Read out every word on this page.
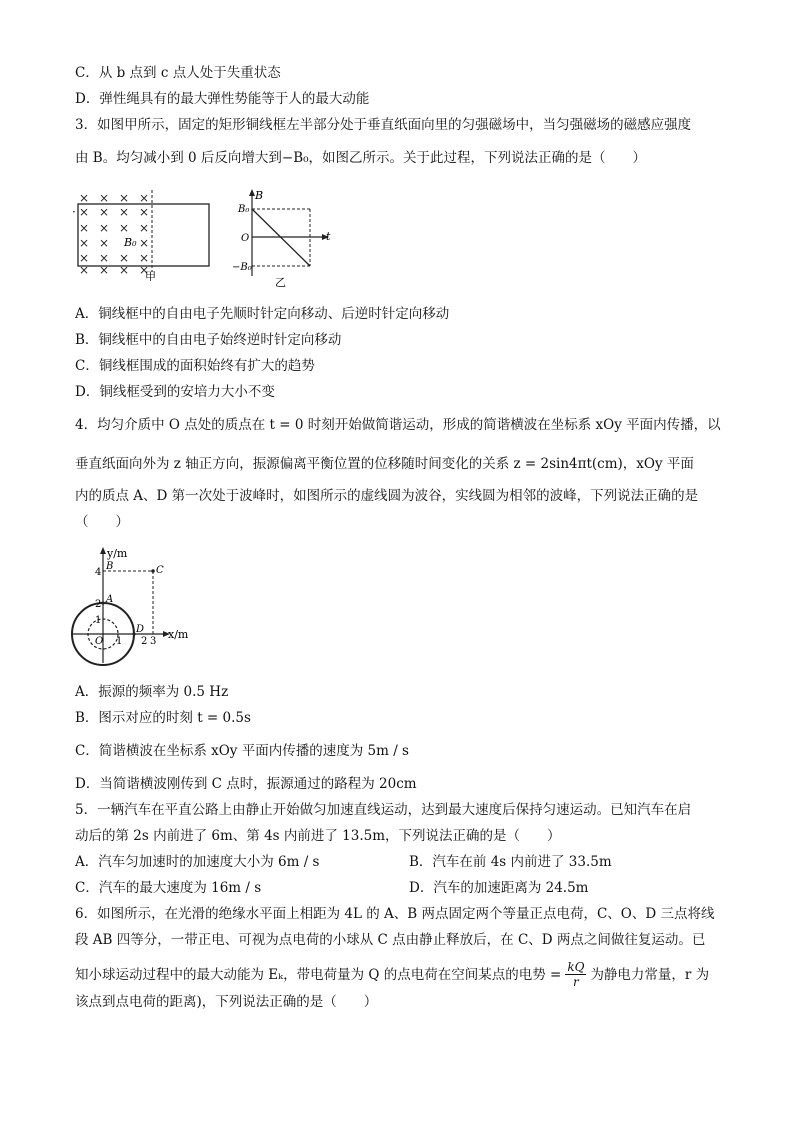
C．从 b 点到 c 点人处于失重状态
D．弹性绳具有的最大弹性势能等于人的最大动能
3．如图甲所示，固定的矩形铜线框左半部分处于垂直纸面向里的匀强磁场中，当匀强磁场的磁感应强度
由 B。均匀减小到 0 后反向增大到−B₀，如图乙所示。关于此过程，下列说法正确的是（　　）
× × × ×
· × × × ×
× × × ×
× × ×
× × × ×
× × × ×
B₀
甲
B
t
B₀
O
−B₀
乙
A．铜线框中的自由电子先顺时针定向移动、后逆时针定向移动
B．铜线框中的自由电子始终逆时针定向移动
C．铜线框围成的面积始终有扩大的趋势
D．铜线框受到的安培力大小不变
4．均匀介质中 O 点处的质点在 t = 0 时刻开始做简谐运动，形成的简谐横波在坐标系 xOy 平面内传播，以
垂直纸面向外为 z 轴正方向，振源偏离平衡位置的位移随时间变化的关系 z = 2sin4πt(cm)，xOy 平面
内的质点 A、D 第一次处于波峰时，如图所示的虚线圆为波谷，实线圆为相邻的波峰，下列说法正确的是
（　　）
y/m
x/m
B	C
A
D
O
4
2
1
1 2 3
A．振源的频率为 0.5 Hz
B．图示对应的时刻 t = 0.5s
C．简谐横波在坐标系 xOy 平面内传播的速度为 5m / s
D．当简谐横波刚传到 C 点时，振源通过的路程为 20cm
5．一辆汽车在平直公路上由静止开始做匀加速直线运动，达到最大速度后保持匀速运动。已知汽车在启
动后的第 2s 内前进了 6m、第 4s 内前进了 13.5m，下列说法正确的是（　　）
A．汽车匀加速时的加速度大小为 6m / s	B．汽车在前 4s 内前进了 33.5m
C．汽车的最大速度为 16m / s	D．汽车的加速距离为 24.5m
6．如图所示，在光滑的绝缘水平面上相距为 4L 的 A、B 两点固定两个等量正点电荷，C、O、D 三点将线
段 AB 四等分，一带正电、可视为点电荷的小球从 C 点由静止释放后，在 C、D 两点之间做往复运动。已
知小球运动过程中的最大动能为 Eₖ，带电荷量为 Q 的点电荷在空间某点的电势 = $\frac{kQ}{r}$ 为静电力常量，r 为
该点到点电荷的距离)，下列说法正确的是（　　）
